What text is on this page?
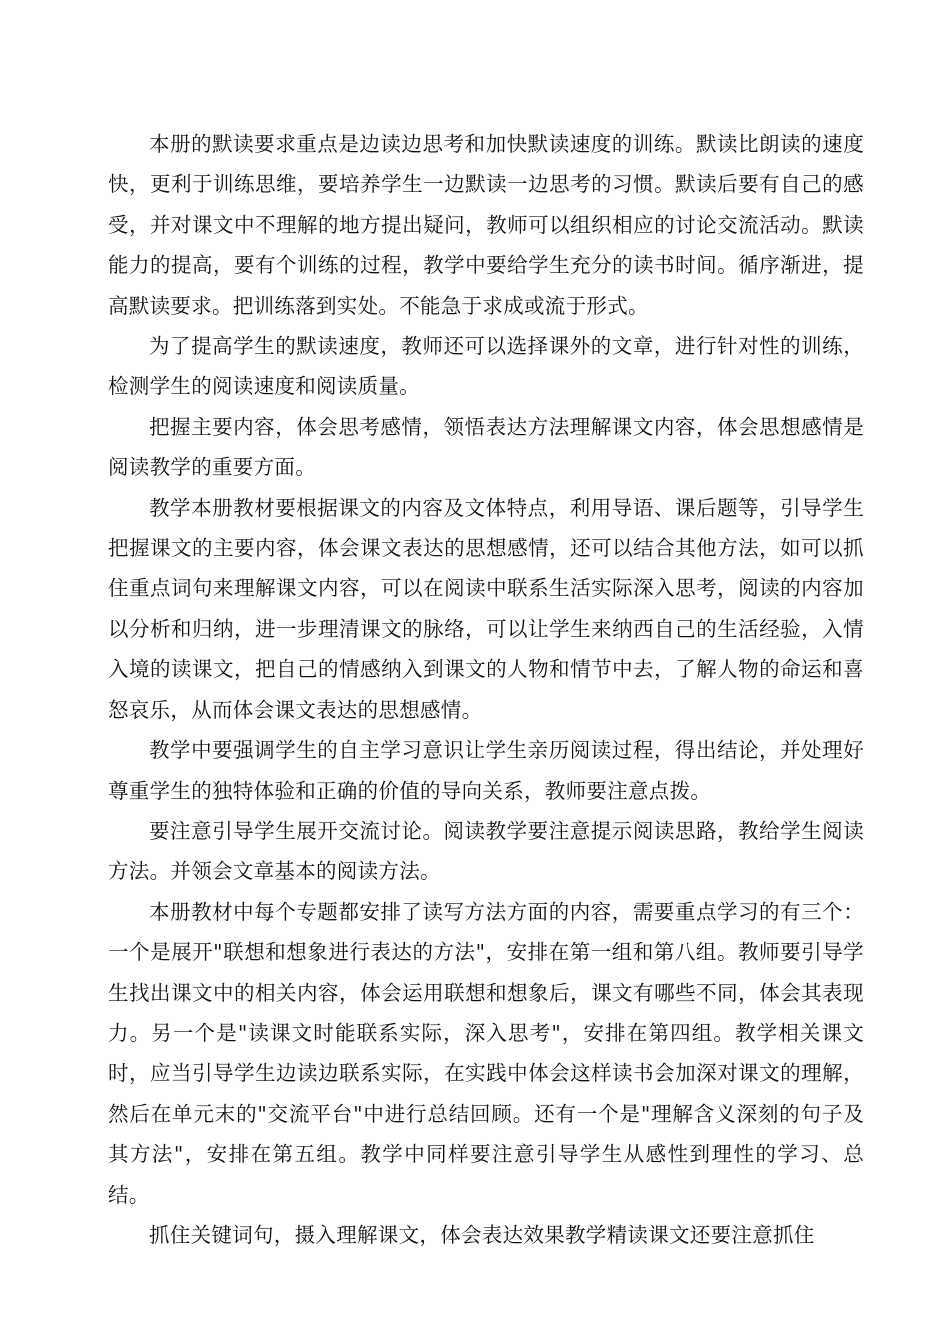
本册的默读要求重点是边读边思考和加快默读速度的训练。默读比朗读的速度快，更利于训练思维，要培养学生一边默读一边思考的习惯。默读后要有自己的感受，并对课文中不理解的地方提出疑问，教师可以组织相应的讨论交流活动。默读能力的提高，要有个训练的过程，教学中要给学生充分的读书时间。循序渐进，提高默读要求。把训练落到实处。不能急于求成或流于形式。

为了提高学生的默读速度，教师还可以选择课外的文章，进行针对性的训练，检测学生的阅读速度和阅读质量。

把握主要内容，体会思考感情，领悟表达方法理解课文内容，体会思想感情是阅读教学的重要方面。

教学本册教材要根据课文的内容及文体特点，利用导语、课后题等，引导学生把握课文的主要内容，体会课文表达的思想感情，还可以结合其他方法，如可以抓住重点词句来理解课文内容，可以在阅读中联系生活实际深入思考，阅读的内容加以分析和归纳，进一步理清课文的脉络，可以让学生来纳西自己的生活经验，入情入境的读课文，把自己的情感纳入到课文的人物和情节中去，了解人物的命运和喜怒哀乐，从而体会课文表达的思想感情。

教学中要强调学生的自主学习意识让学生亲历阅读过程，得出结论，并处理好尊重学生的独特体验和正确的价值的导向关系，教师要注意点拨。

要注意引导学生展开交流讨论。阅读教学要注意提示阅读思路，教给学生阅读方法。并领会文章基本的阅读方法。

本册教材中每个专题都安排了读写方法方面的内容，需要重点学习的有三个：一个是展开"联想和想象进行表达的方法"，安排在第一组和第八组。教师要引导学生找出课文中的相关内容，体会运用联想和想象后，课文有哪些不同，体会其表现力。另一个是"读课文时能联系实际，深入思考"，安排在第四组。教学相关课文时，应当引导学生边读边联系实际，在实践中体会这样读书会加深对课文的理解，然后在单元末的"交流平台"中进行总结回顾。还有一个是"理解含义深刻的句子及其方法"，安排在第五组。教学中同样要注意引导学生从感性到理性的学习、总结。

抓住关键词句，摄入理解课文，体会表达效果教学精读课文还要注意抓住
